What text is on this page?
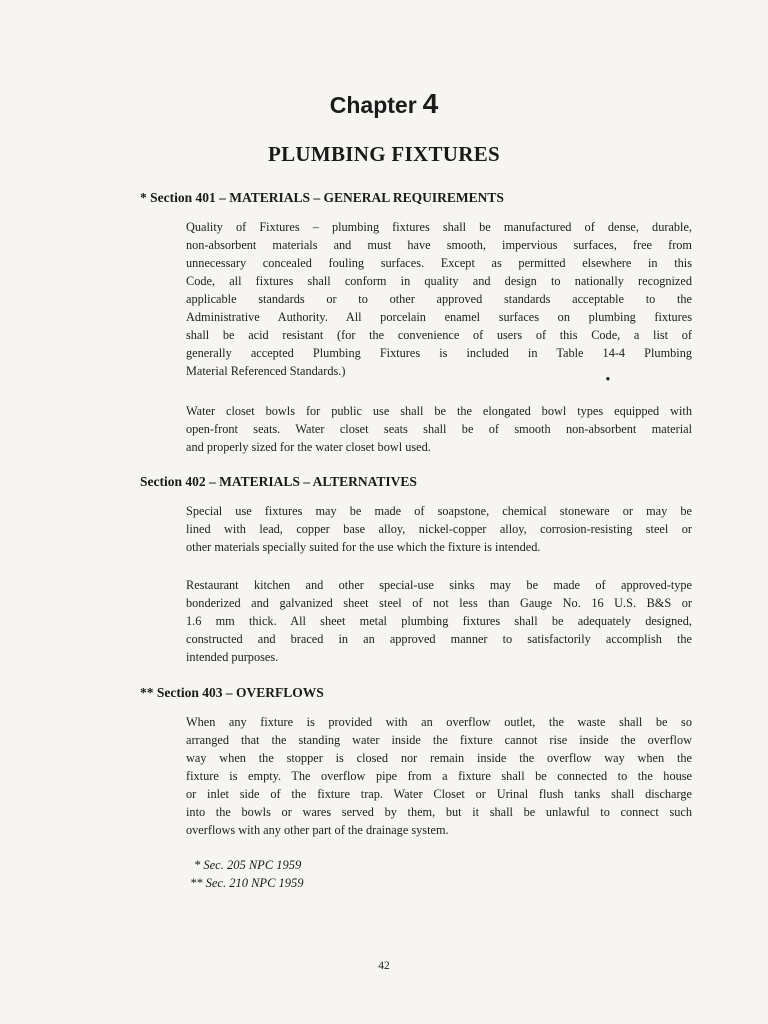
Chapter 4
PLUMBING FIXTURES
* Section 401 – MATERIALS – GENERAL REQUIREMENTS
Quality of Fixtures – plumbing fixtures shall be manufactured of dense, durable,
non-absorbent materials and must have smooth, impervious surfaces, free from
unnecessary concealed fouling surfaces. Except as permitted elsewhere in this
Code, all fixtures shall conform in quality and design to nationally recognized
applicable standards or to other approved standards acceptable to the
Administrative Authority. All porcelain enamel surfaces on plumbing fixtures
shall be acid resistant (for the convenience of users of this Code, a list of
generally accepted Plumbing Fixtures is included in Table 14-4 Plumbing
Material Referenced Standards.)
•
Water closet bowls for public use shall be the elongated bowl types equipped with
open-front seats. Water closet seats shall be of smooth non-absorbent material
and properly sized for the water closet bowl used.
Section 402 – MATERIALS – ALTERNATIVES
Special use fixtures may be made of soapstone, chemical stoneware or may be
lined with lead, copper base alloy, nickel-copper alloy, corrosion-resisting steel or
other materials specially suited for the use which the fixture is intended.
Restaurant kitchen and other special-use sinks may be made of approved-type
bonderized and galvanized sheet steel of not less than Gauge No. 16 U.S. B&S or
1.6 mm thick. All sheet metal plumbing fixtures shall be adequately designed,
constructed and braced in an approved manner to satisfactorily accomplish the
intended purposes.
** Section 403 – OVERFLOWS
When any fixture is provided with an overflow outlet, the waste shall be so
arranged that the standing water inside the fixture cannot rise inside the overflow
way when the stopper is closed nor remain inside the overflow way when the
fixture is empty. The overflow pipe from a fixture shall be connected to the house
or inlet side of the fixture trap. Water Closet or Urinal flush tanks shall discharge
into the bowls or wares served by them, but it shall be unlawful to connect such
overflows with any other part of the drainage system.
* Sec. 205 NPC 1959
** Sec. 210 NPC 1959
42
